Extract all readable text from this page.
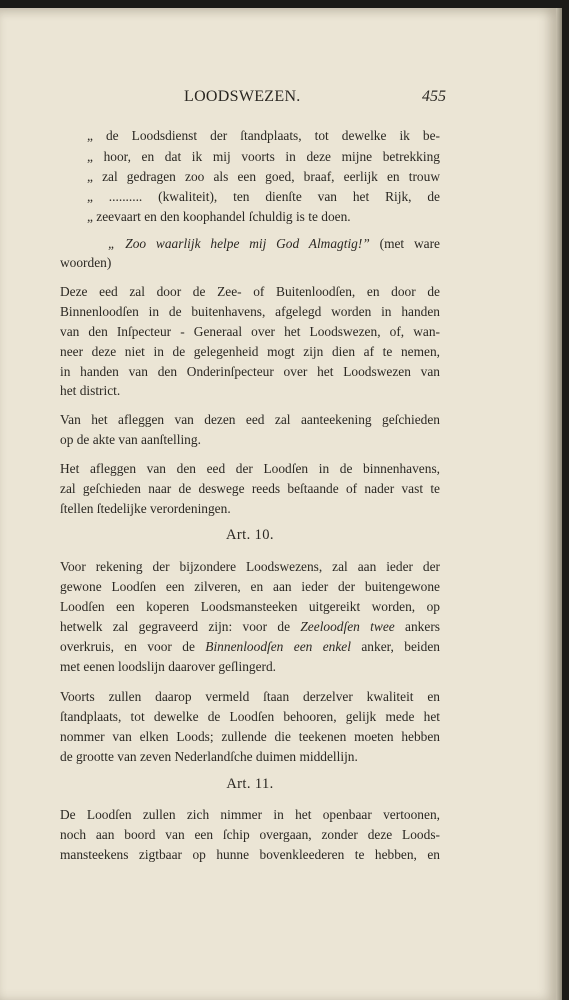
LOODSWEZEN.	455
„ de Loodsdienst der ſtandplaats, tot dewelke ik be-
„ hoor, en dat ik mij voorts in deze mijne betrekking
„ zal gedragen zoo als een goed, braaf, eerlijk en trouw
„ .......... (kwaliteit), ten dienſte van het Rijk, de
„ zeevaart en den koophandel ſchuldig is te doen.
„ Zoo waarlijk helpe mij God Almagtig!” (met ware
woorden)
Deze eed zal door de Zee- of Buitenloodſen, en door de
Binnenloodſen in de buitenhavens, afgelegd worden in handen
van den Inſpecteur - Generaal over het Loodswezen, of, wan-
neer deze niet in de gelegenheid mogt zijn dien af te nemen,
in handen van den Onderinſpecteur over het Loodswezen van
het district.
Van het afleggen van dezen eed zal aanteekening geſchieden
op de akte van aanſtelling.
Het afleggen van den eed der Loodſen in de binnenhavens,
zal geſchieden naar de deswege reeds beſtaande of nader vast te
ſtellen ſtedelijke verordeningen.
Art. 10.
Voor rekening der bijzondere Loodswezens, zal aan ieder der
gewone Loodſen een zilveren, en aan ieder der buitengewone
Loodſen een koperen Loodsmansteeken uitgereikt worden, op
hetwelk zal gegraveerd zijn: voor de Zeeloodſen twee ankers
overkruis, en voor de Binnenloodſen een enkel anker, beiden
met eenen loodslijn daarover geſlingerd.
Voorts zullen daarop vermeld ſtaan derzelver kwaliteit en
ſtandplaats, tot dewelke de Loodſen behooren, gelijk mede het
nommer van elken Loods; zullende die teekenen moeten hebben
de grootte van zeven Nederlandſche duimen middellijn.
Art. 11.
De Loodſen zullen zich nimmer in het openbaar vertoonen,
noch aan boord van een ſchip overgaan, zonder deze Loods-
mansteekens zigtbaar op hunne bovenkleederen te hebben, en
